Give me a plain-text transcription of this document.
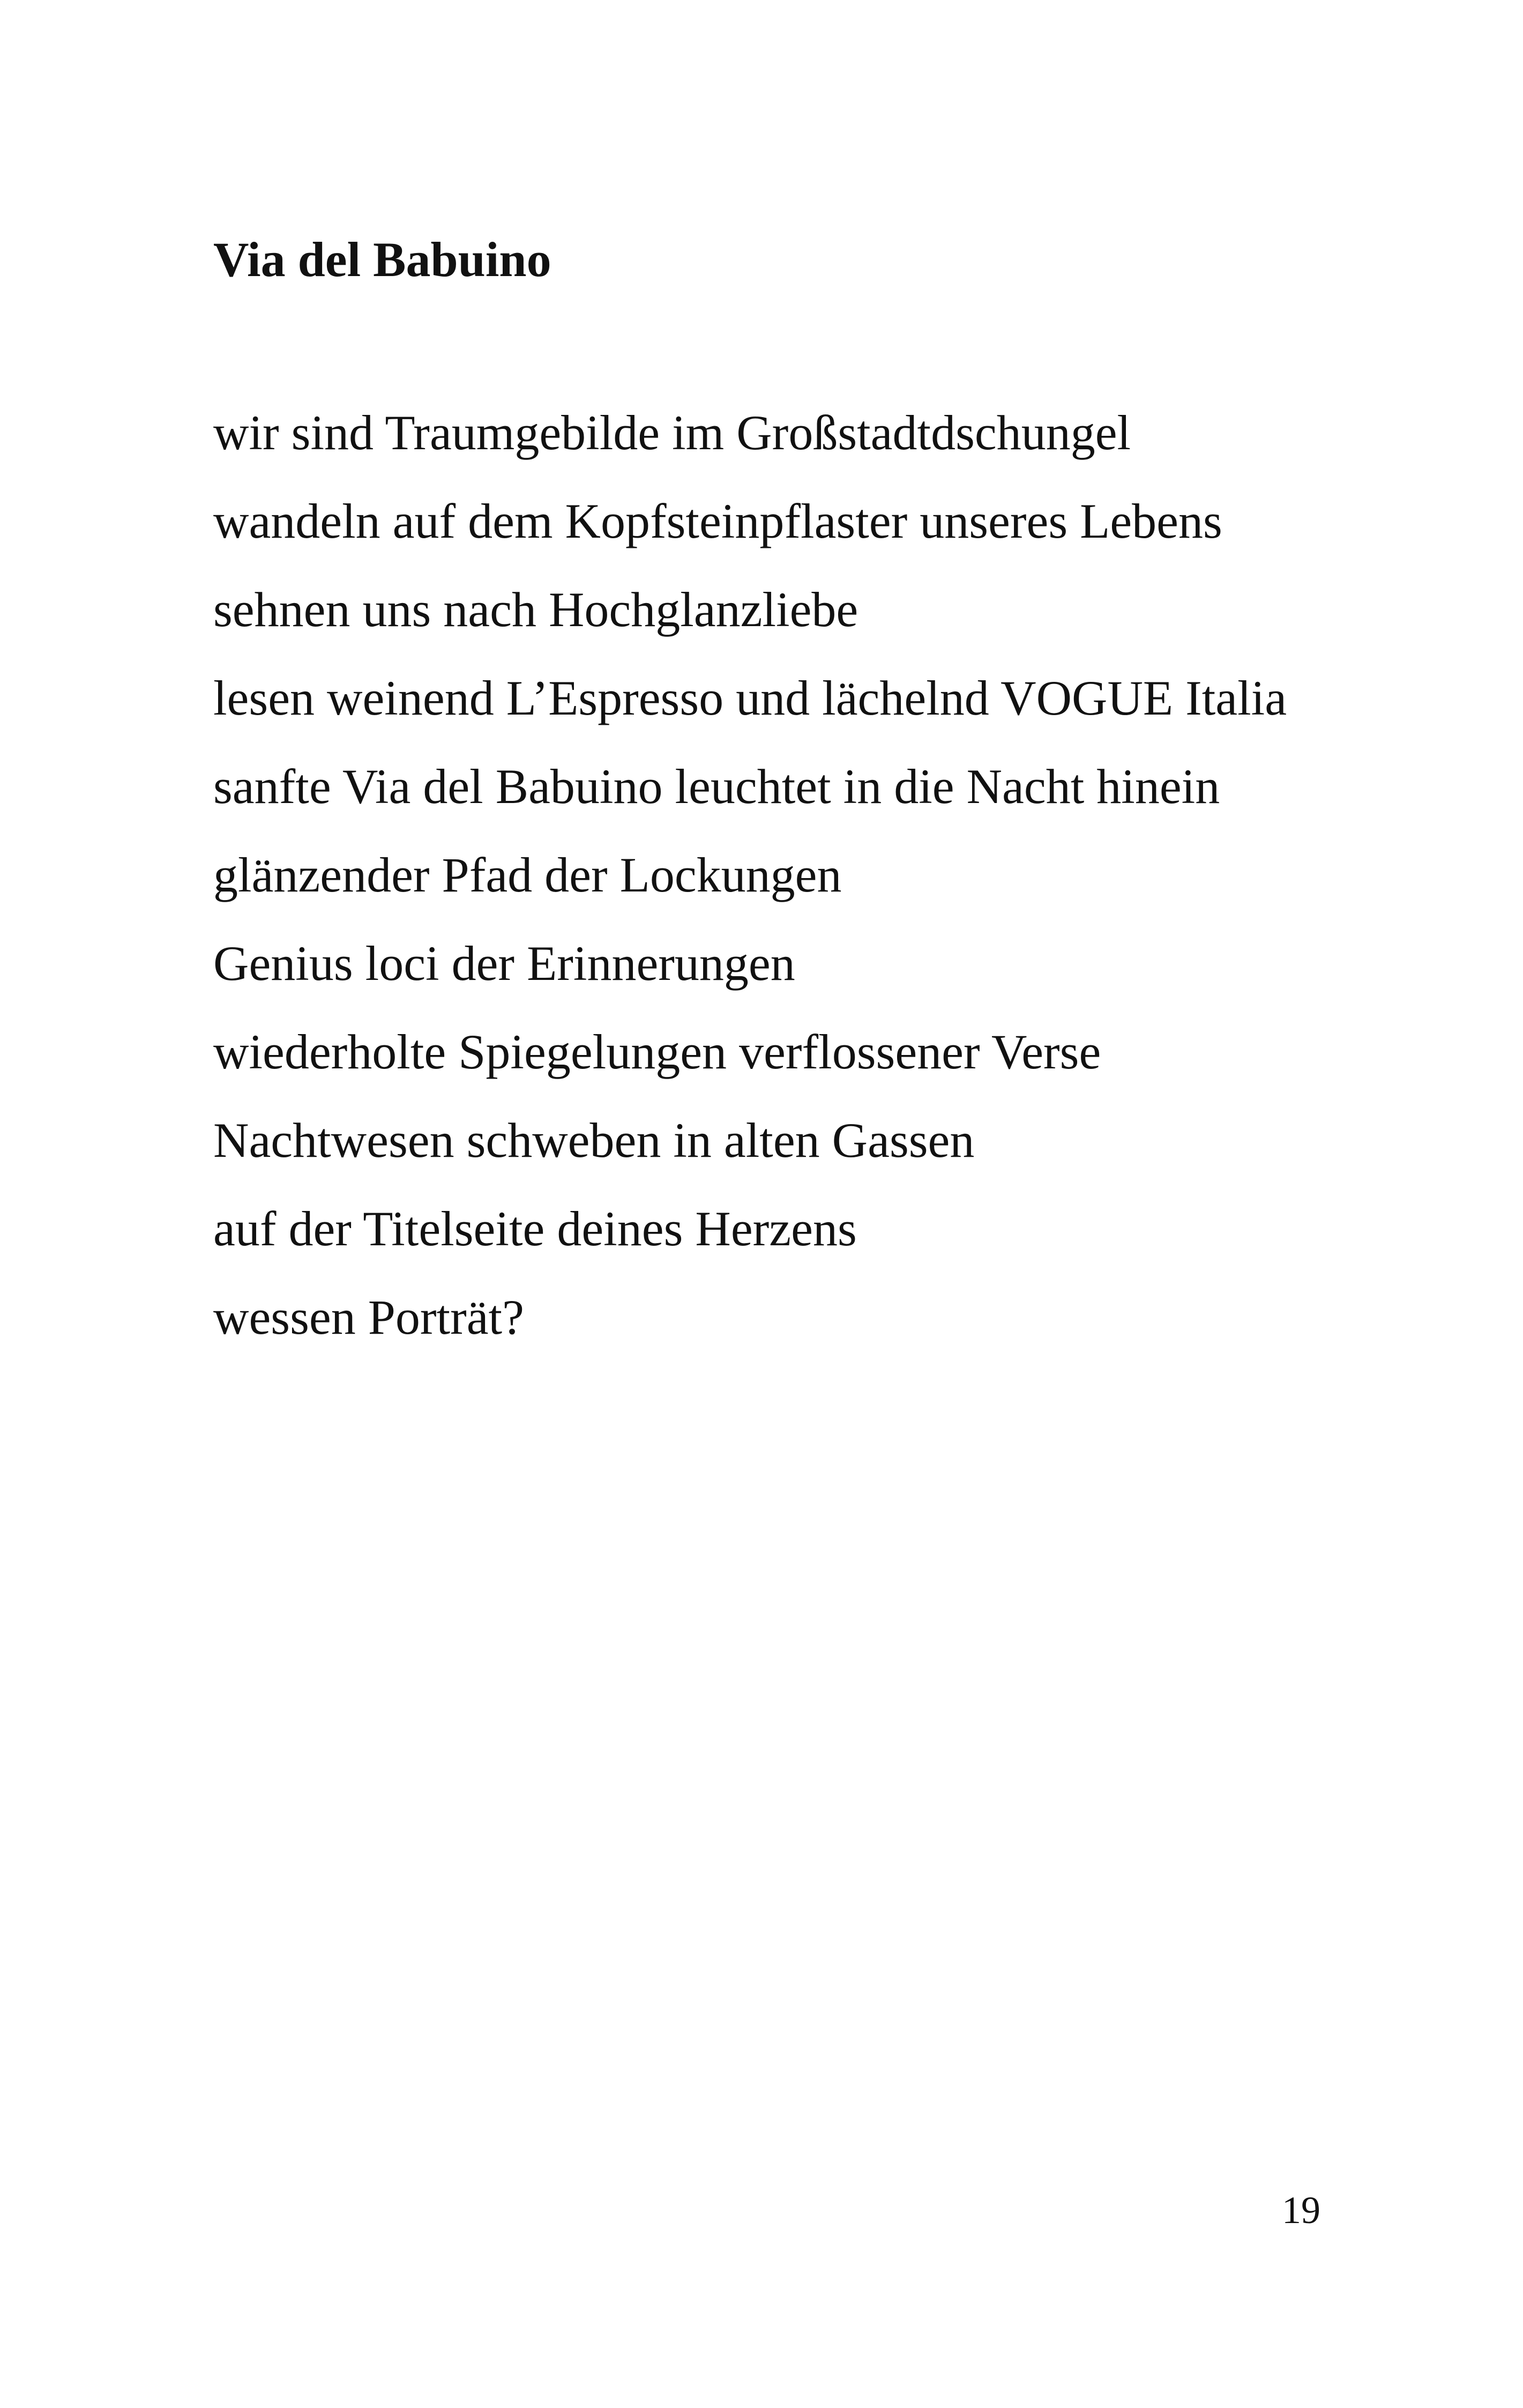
Via del Babuino
wir sind Traumgebilde im Großstadtdschungel
wandeln auf dem Kopfsteinpflaster unseres Lebens
sehnen uns nach Hochglanzliebe
lesen weinend L’Espresso und lächelnd VOGUE Italia
sanfte Via del Babuino leuchtet in die Nacht hinein
glänzender Pfad der Lockungen
Genius loci der Erinnerungen
wiederholte Spiegelungen verflossener Verse
Nachtwesen schweben in alten Gassen
auf der Titelseite deines Herzens
wessen Porträt?

19
